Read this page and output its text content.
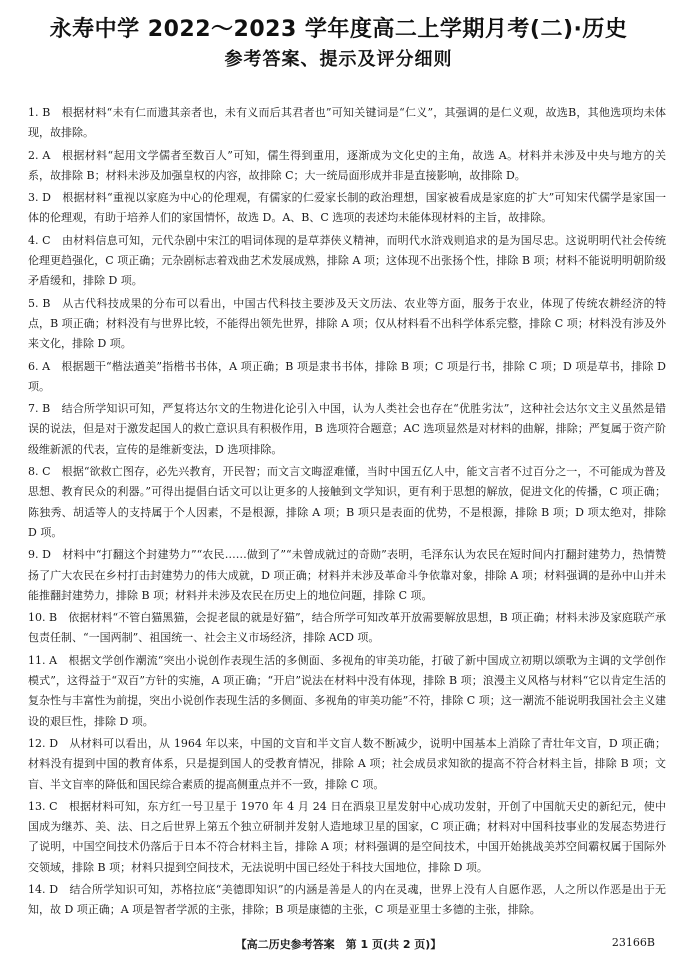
永寿中学 2022～2023 学年度高二上学期月考(二)·历史
参考答案、提示及评分细则

1. B　根据材料“未有仁而遗其亲者也，未有义而后其君者也”可知关键词是“仁义”，其强调的是仁义观，故选B，其他选项均未体现，故排除。

2. A　根据材料“起用文学儒者至数百人”可知，儒生得到重用，逐渐成为文化史的主角，故选 A。材料并未涉及中央与地方的关系，故排除 B；材料未涉及加强皇权的内容，故排除 C；大一统局面形成并非是直接影响，故排除 D。

3. D　根据材料“重视以家庭为中心的伦理观，有儒家的仁爱家长制的政治理想，国家被看成是家庭的扩大”可知宋代儒学是家国一体的伦理观，有助于培养人们的家国情怀，故选 D。A、B、C 选项的表述均未能体现材料的主旨，故排除。

4. C　由材料信息可知，元代杂剧中宋江的唱词体现的是草莽侠义精神，而明代水浒戏则追求的是为国尽忠。这说明明代社会传统伦理更趋强化，C 项正确；元杂剧标志着戏曲艺术发展成熟，排除 A 项；这体现不出张扬个性，排除 B 项；材料不能说明明朝阶级矛盾缓和，排除 D 项。

5. B　从古代科技成果的分布可以看出，中国古代科技主要涉及天文历法、农业等方面，服务于农业，体现了传统农耕经济的特点，B 项正确；材料没有与世界比较，不能得出领先世界，排除 A 项；仅从材料看不出科学体系完整，排除 C 项；材料没有涉及外来文化，排除 D 项。

6. A　根据题干“楷法遒美”指楷书书体，A 项正确；B 项是隶书书体，排除 B 项；C 项是行书，排除 C 项；D 项是草书，排除 D 项。

7. B　结合所学知识可知，严复将达尔文的生物进化论引入中国，认为人类社会也存在“优胜劣汰”，这种社会达尔文主义虽然是错误的说法，但是对于激发起国人的救亡意识具有积极作用，B 选项符合题意；AC 选项显然是对材料的曲解，排除；严复属于资产阶级维新派的代表，宣传的是维新变法，D 选项排除。

8. C　根据“欲救亡图存，必先兴教育，开民智；而文言文晦涩难懂，当时中国五亿人中，能文言者不过百分之一，不可能成为普及思想、教育民众的利器。”可得出提倡白话文可以让更多的人接触到文学知识，更有利于思想的解放，促进文化的传播，C 项正确；陈独秀、胡适等人的支持属于个人因素，不是根源，排除 A 项；B 项只是表面的优势，不是根源，排除 B 项；D 项太绝对，排除 D 项。

9. D　材料中“打翻这个封建势力”“农民……做到了”“未曾成就过的奇勋”表明，毛泽东认为农民在短时间内打翻封建势力，热情赞扬了广大农民在乡村打击封建势力的伟大成就，D 项正确；材料并未涉及革命斗争依靠对象，排除 A 项；材料强调的是孙中山并未能推翻封建势力，排除 B 项；材料并未涉及农民在历史上的地位问题，排除 C 项。

10. B　依据材料“不管白猫黑猫，会捉老鼠的就是好猫”，结合所学可知改革开放需要解放思想，B 项正确；材料未涉及家庭联产承包责任制、“一国两制”、祖国统一、社会主义市场经济，排除 ACD 项。

11. A　根据文学创作潮流“突出小说创作表现生活的多侧面、多视角的审美功能，打破了新中国成立初期以颂歌为主调的文学创作模式”，这得益于“双百”方针的实施，A 项正确；“开启”说法在材料中没有体现，排除 B 项；浪漫主义风格与材料“它以肯定生活的复杂性与丰富性为前提，突出小说创作表现生活的多侧面、多视角的审美功能”不符，排除 C 项；这一潮流不能说明我国社会主义建设的艰巨性，排除 D 项。

12. D　从材料可以看出，从 1964 年以来，中国的文盲和半文盲人数不断减少，说明中国基本上消除了青壮年文盲，D 项正确；材料没有提到中国的教育体系，只是提到国人的受教育情况，排除 A 项；社会成员求知欲的提高不符合材料主旨，排除 B 项；文盲、半文盲率的降低和国民综合素质的提高侧重点并不一致，排除 C 项。

13. C　根据材料可知，东方红一号卫星于 1970 年 4 月 24 日在酒泉卫星发射中心成功发射，开创了中国航天史的新纪元，使中国成为继苏、美、法、日之后世界上第五个独立研制并发射人造地球卫星的国家，C 项正确；材料对中国科技事业的发展态势进行了说明，中国空间技术仍落后于日本不符合材料主旨，排除 A 项；材料强调的是空间技术，中国开始挑战美苏空间霸权属于国际外交领域，排除 B 项；材料只提到空间技术，无法说明中国已经处于科技大国地位，排除 D 项。

14. D　结合所学知识可知，苏格拉底“美德即知识”的内涵是善是人的内在灵魂，世界上没有人自愿作恶，人之所以作恶是出于无知，故 D 项正确；A 项是智者学派的主张，排除；B 项是康德的主张，C 项是亚里士多德的主张，排除。

【高二历史参考答案　第 1 页(共 2 页)】	23166B
